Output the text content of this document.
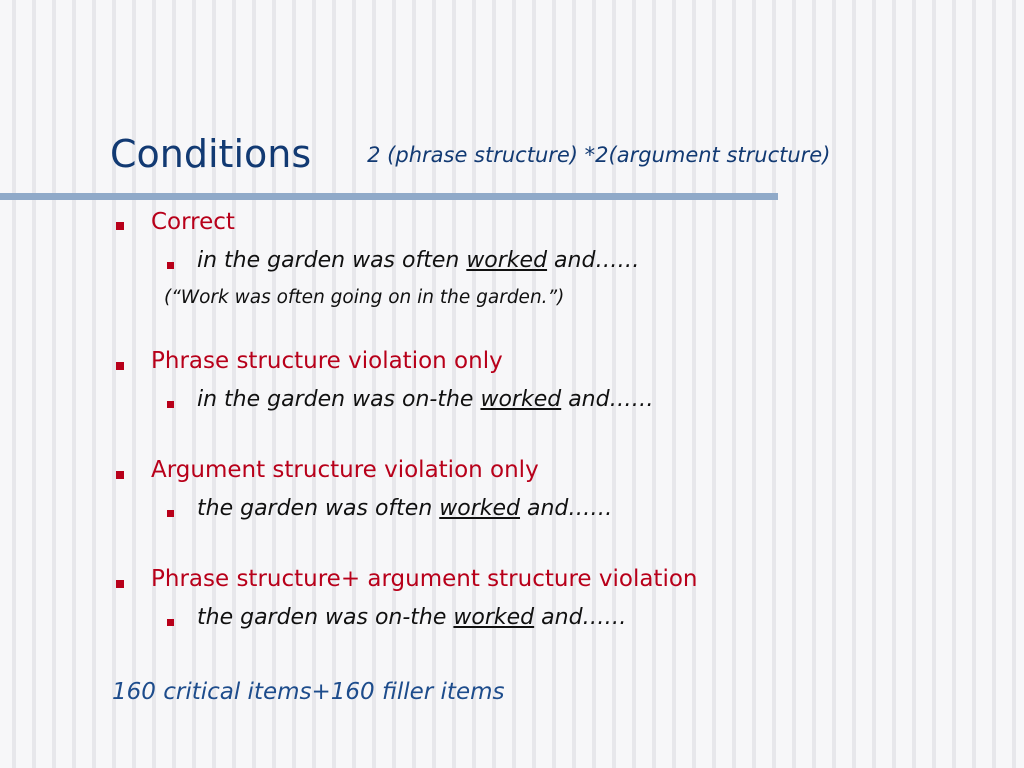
Conditions	2 (phrase structure) *2(argument structure)
Correct
in the garden was often worked and……
(“Work was often going on in the garden.”)
Phrase structure violation only
in the garden was on-the worked and……
Argument structure violation only
the garden was often worked and……
Phrase structure+ argument structure violation
the garden was on-the worked and……
160 critical items+160 filler items
